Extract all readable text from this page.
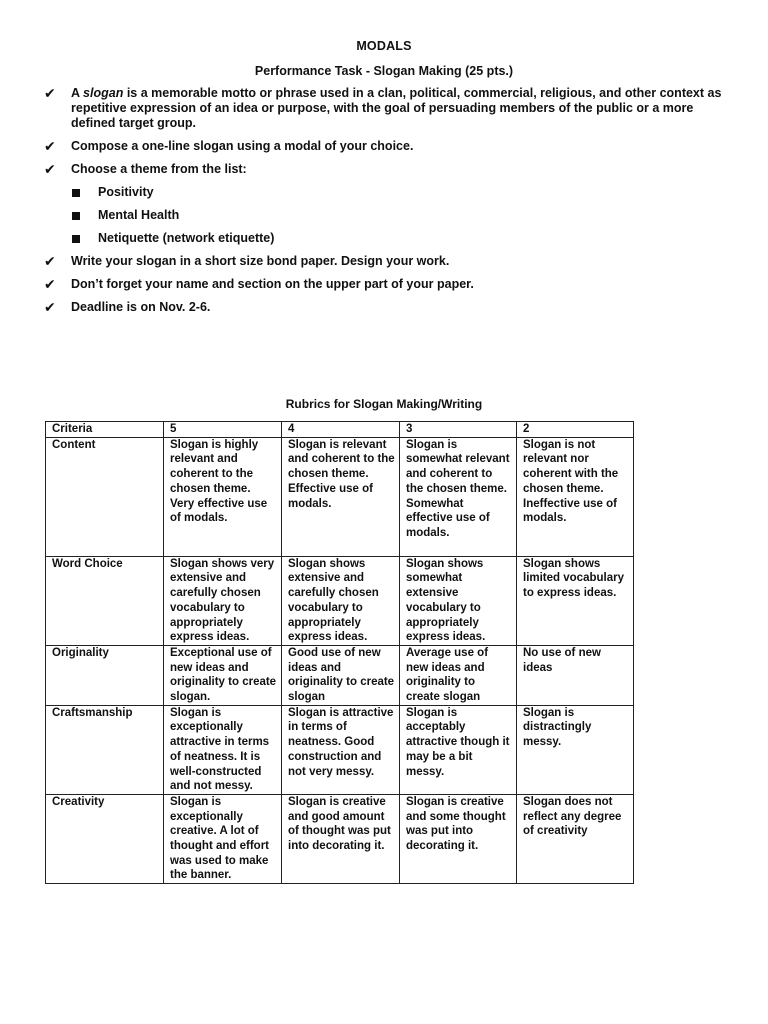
MODALS
Performance Task - Slogan Making (25 pts.)
✔ A slogan is a memorable motto or phrase used in a clan, political, commercial, religious, and other context as repetitive expression of an idea or purpose, with the goal of persuading members of the public or a more defined target group.
✔ Compose a one-line slogan using a modal of your choice.
✔ Choose a theme from the list:
Positivity
Mental Health
Netiquette (network etiquette)
✔ Write your slogan in a short size bond paper. Design your work.
✔ Don’t forget your name and section on the upper part of your paper.
✔ Deadline is on Nov. 2-6.
Rubrics for Slogan Making/Writing
Criteria	5	4	3	2
Content	Slogan is highly relevant and coherent to the chosen theme. Very effective use of modals.	Slogan is relevant and coherent to the chosen theme. Effective use of modals.	Slogan is somewhat relevant and coherent to the chosen theme. Somewhat effective use of modals.	Slogan is not relevant nor coherent with the chosen theme. Ineffective use of modals.
Word Choice	Slogan shows very extensive and carefully chosen vocabulary to appropriately express ideas.	Slogan shows extensive and carefully chosen vocabulary to appropriately express ideas.	Slogan shows somewhat extensive vocabulary to appropriately express ideas.	Slogan shows limited vocabulary to express ideas.
Originality	Exceptional use of new ideas and originality to create slogan.	Good use of new ideas and originality to create slogan	Average use of new ideas and originality to create slogan	No use of new ideas
Craftsmanship	Slogan is exceptionally attractive in terms of neatness. It is well-constructed and not messy.	Slogan is attractive in terms of neatness. Good construction and not very messy.	Slogan is acceptably attractive though it may be a bit messy.	Slogan is distractingly messy.
Creativity	Slogan is exceptionally creative. A lot of thought and effort was used to make the banner.	Slogan is creative and good amount of thought was put into decorating it.	Slogan is creative and some thought was put into decorating it.	Slogan does not reflect any degree of creativity
